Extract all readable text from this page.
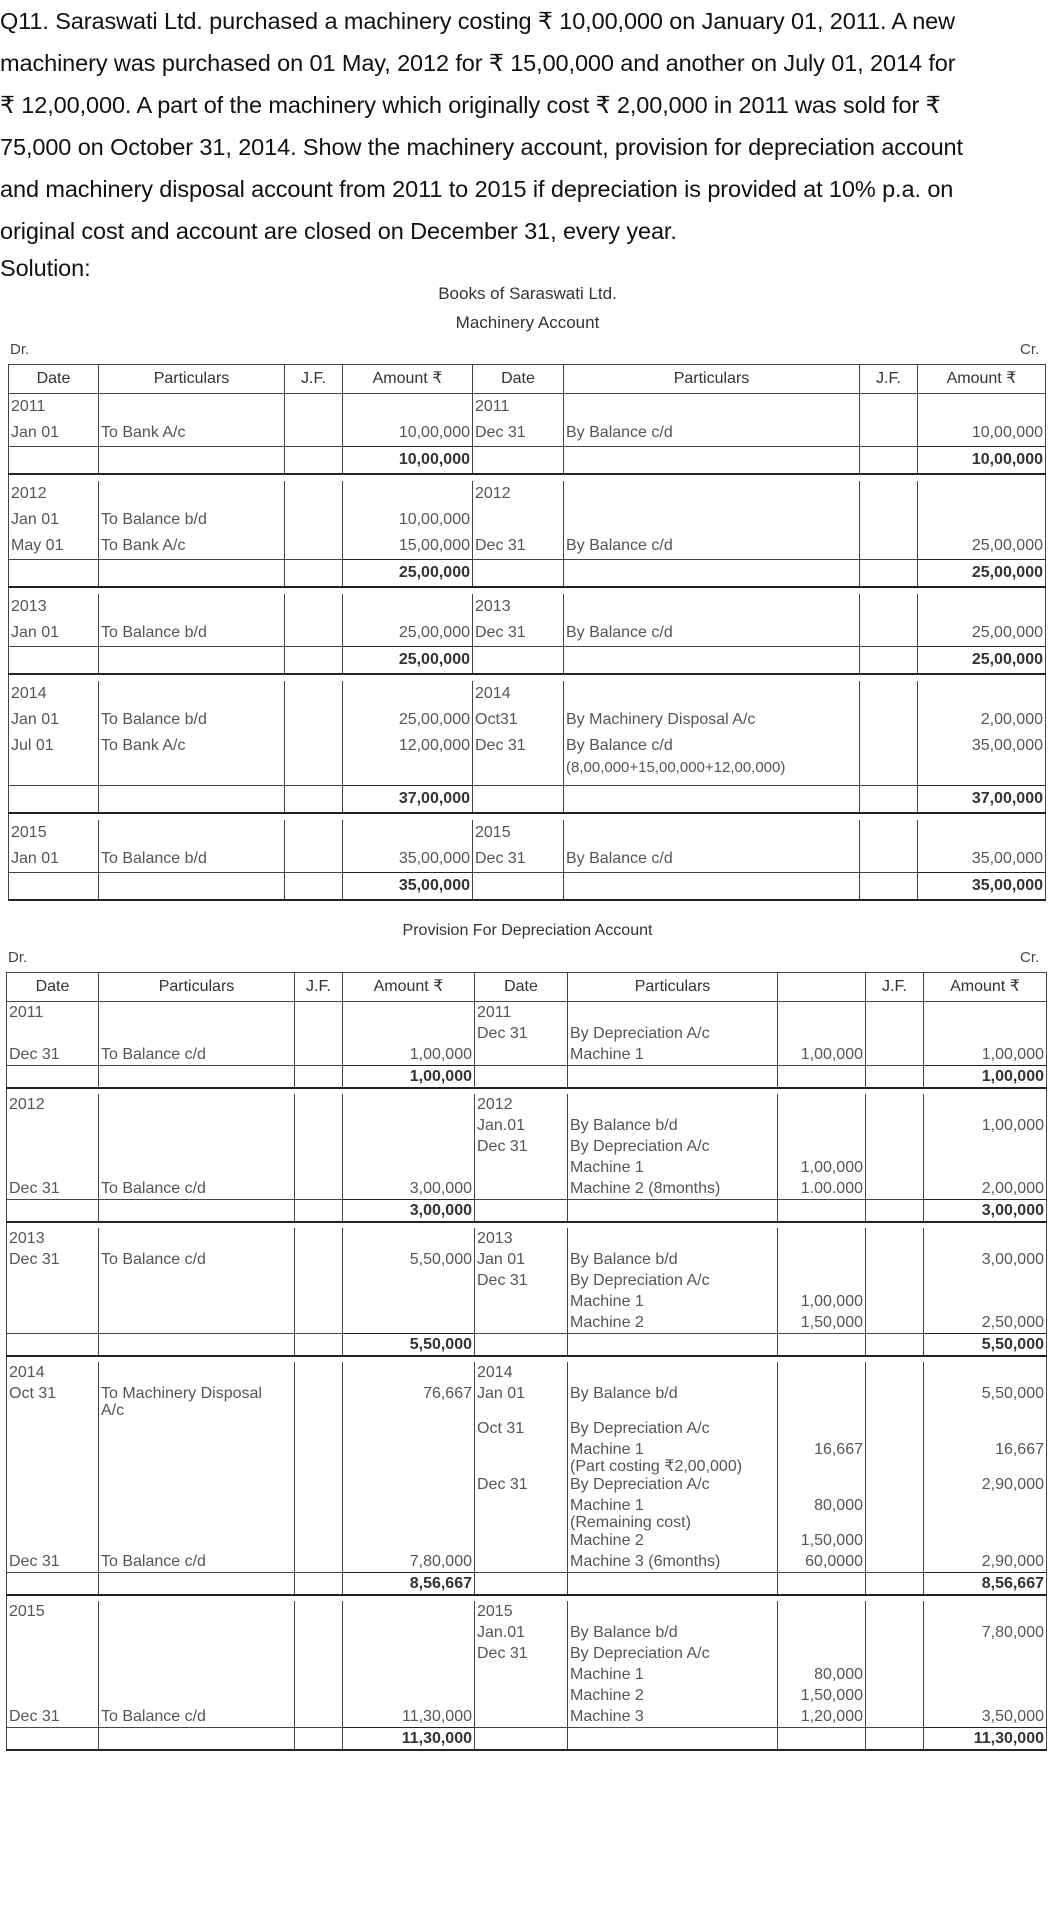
Q11. Saraswati Ltd. purchased a machinery costing ₹ 10,00,000 on January 01, 2011. A new

machinery was purchased on 01 May, 2012 for ₹ 15,00,000 and another on July 01, 2014 for

₹ 12,00,000. A part of the machinery which originally cost ₹ 2,00,000 in 2011 was sold for ₹

75,000 on October 31, 2014. Show the machinery account, provision for depreciation account

and machinery disposal account from 2011 to 2015 if depreciation is provided at 10% p.a. on

original cost and account are closed on December 31, every year.

Solution:

Books of Saraswati Ltd.
Machinery Account
Dr.	Cr.
Date	Particulars	J.F.	Amount ₹	Date	Particulars	J.F.	Amount ₹
2011				2011			
Jan 01	To Bank A/c		10,00,000	Dec 31	By Balance c/d		10,00,000
			10,00,000				10,00,000

2012				2012			
Jan 01	To Balance b/d		10,00,000				
May 01	To Bank A/c		15,00,000	Dec 31	By Balance c/d		25,00,000
			25,00,000				25,00,000

2013				2013			
Jan 01	To Balance b/d		25,00,000	Dec 31	By Balance c/d		25,00,000
			25,00,000				25,00,000

2014				2014			
Jan 01	To Balance b/d		25,00,000	Oct31	By Machinery Disposal A/c		2,00,000
Jul 01	To Bank A/c		12,00,000	Dec 31	By Balance c/d		35,00,000
					(8,00,000+15,00,000+12,00,000)		

			37,00,000				37,00,000

2015				2015			
Jan 01	To Balance b/d		35,00,000	Dec 31	By Balance c/d		35,00,000
			35,00,000				35,00,000
Provision For Depreciation Account
Dr.	Cr.
Date	Particulars	J.F.	Amount ₹	Date	Particulars		J.F.	Amount ₹
2011				2011				
				Dec 31	By Depreciation A/c			
Dec 31	To Balance c/d		1,00,000		Machine 1	1,00,000		1,00,000
			1,00,000					1,00,000

2012				2012				
				Jan.01	By Balance b/d			1,00,000
				Dec 31	By Depreciation A/c			
					Machine 1	1,00,000		
Dec 31	To Balance c/d		3,00,000		Machine 2 (8months)	1.00.000		2,00,000
			3,00,000					3,00,000

2013				2013				
Dec 31	To Balance c/d		5,50,000	Jan 01	By Balance b/d			3,00,000
				Dec 31	By Depreciation A/c			
					Machine 1	1,00,000		
					Machine 2	1,50,000		2,50,000
			5,50,000					5,50,000

2014				2014				
Oct 31	To Machinery Disposal		76,667	Jan 01	By Balance b/d			5,50,000
	A/c							
				Oct 31	By Depreciation A/c			
					Machine 1	16,667		16,667
					(Part costing ₹2,00,000)			
				Dec 31	By Depreciation A/c			2,90,000
					Machine 1	80,000		
					(Remaining cost)			
					Machine 2	1,50,000		
Dec 31	To Balance c/d		7,80,000		Machine 3 (6months)	60,0000		2,90,000
			8,56,667					8,56,667

2015				2015				
				Jan.01	By Balance b/d			7,80,000
				Dec 31	By Depreciation A/c			
					Machine 1	80,000		
					Machine 2	1,50,000		
Dec 31	To Balance c/d		11,30,000		Machine 3	1,20,000		3,50,000
			11,30,000					11,30,000
